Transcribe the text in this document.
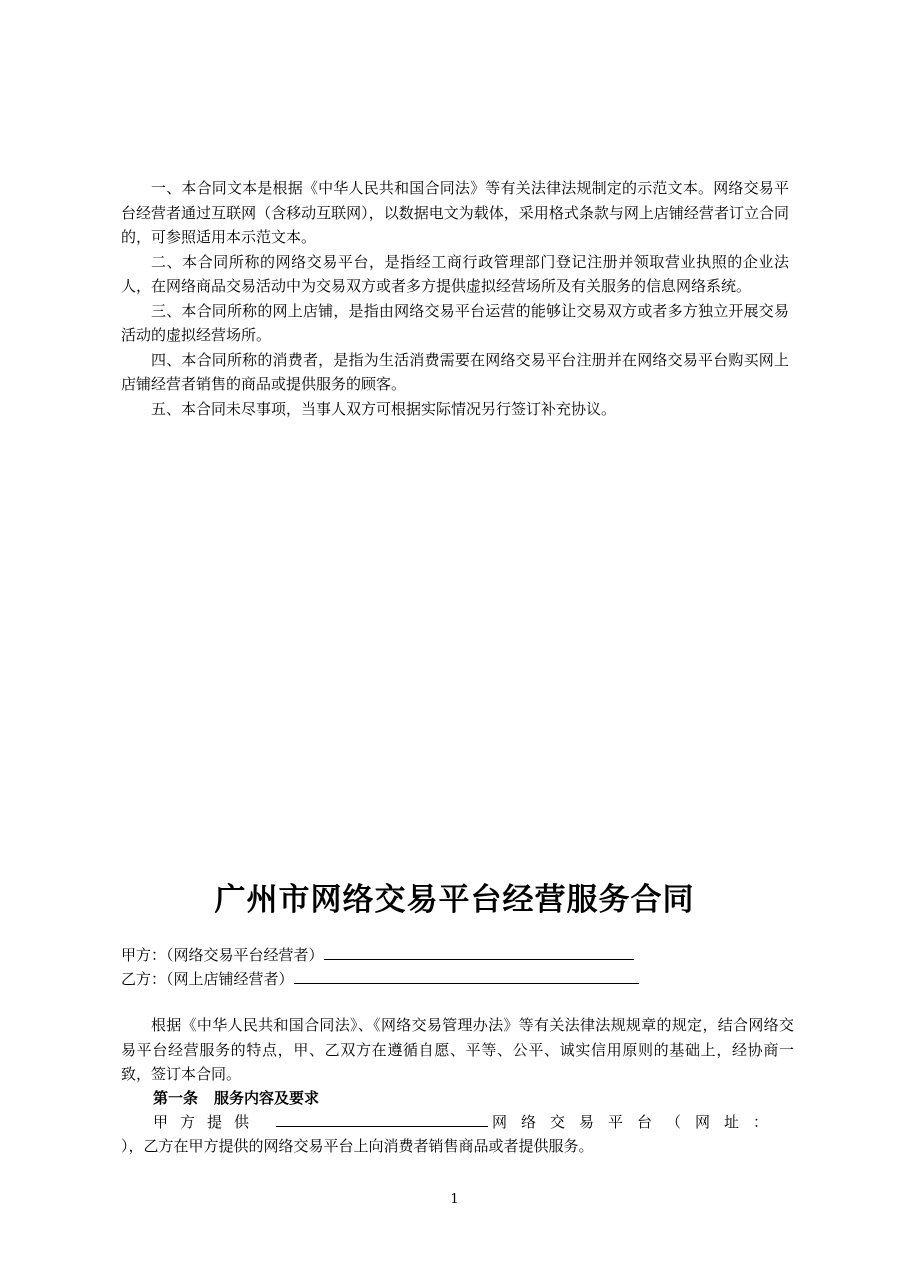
一、本合同文本是根据《中华人民共和国合同法》等有关法律法规制定的示范文本。网络交易平台经营者通过互联网（含移动互联网），以数据电文为载体，采用格式条款与网上店铺经营者订立合同的，可参照适用本示范文本。

二、本合同所称的网络交易平台，是指经工商行政管理部门登记注册并领取营业执照的企业法人，在网络商品交易活动中为交易双方或者多方提供虚拟经营场所及有关服务的信息网络系统。

三、本合同所称的网上店铺，是指由网络交易平台运营的能够让交易双方或者多方独立开展交易活动的虚拟经营场所。

四、本合同所称的消费者，是指为生活消费需要在网络交易平台注册并在网络交易平台购买网上店铺经营者销售的商品或提供服务的顾客。

五、本合同未尽事项，当事人双方可根据实际情况另行签订补充协议。

广州市网络交易平台经营服务合同
甲方：（网络交易平台经营者）
乙方：（网上店铺经营者）

根据《中华人民共和国合同法》、《网络交易管理办法》等有关法律法规规章的规定，结合网络交易平台经营服务的特点，甲、乙双方在遵循自愿、平等、公平、诚实信用原则的基础上，经协商一致，签订本合同。

第一条 服务内容及要求
甲方提供	网络交易平台（网址：
），乙方在甲方提供的网络交易平台上向消费者销售商品或者提供服务。
1
